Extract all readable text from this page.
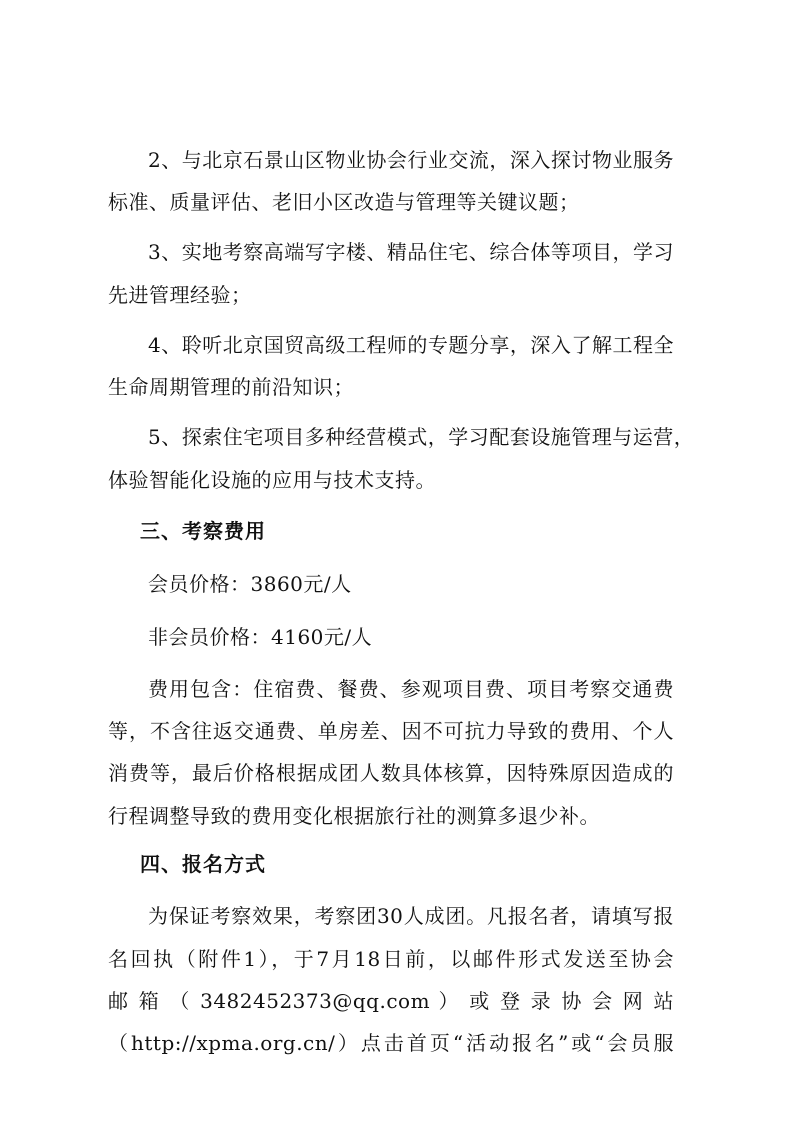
2、与北京石景山区物业协会行业交流，深入探讨物业服务

标准、质量评估、老旧小区改造与管理等关键议题；

3、实地考察高端写字楼、精品住宅、综合体等项目，学习

先进管理经验；

4、聆听北京国贸高级工程师的专题分享，深入了解工程全

生命周期管理的前沿知识；

5、探索住宅项目多种经营模式，学习配套设施管理与运营，

体验智能化设施的应用与技术支持。

三、考察费用

会员价格：3860元/人

非会员价格：4160元/人

费用包含：住宿费、餐费、参观项目费、项目考察交通费

等，不含往返交通费、单房差、因不可抗力导致的费用、个人

消费等，最后价格根据成团人数具体核算，因特殊原因造成的

行程调整导致的费用变化根据旅行社的测算多退少补。

四、报名方式

为保证考察效果，考察团30人成团。凡报名者，请填写报

名回执（附件1），于7月18日前，以邮件形式发送至协会

邮 箱 （ 3482452373@qq.com ） 或 登 录 协 会 网 站

（http://xpma.org.cn/）点击首页“活动报名”或“会员服
